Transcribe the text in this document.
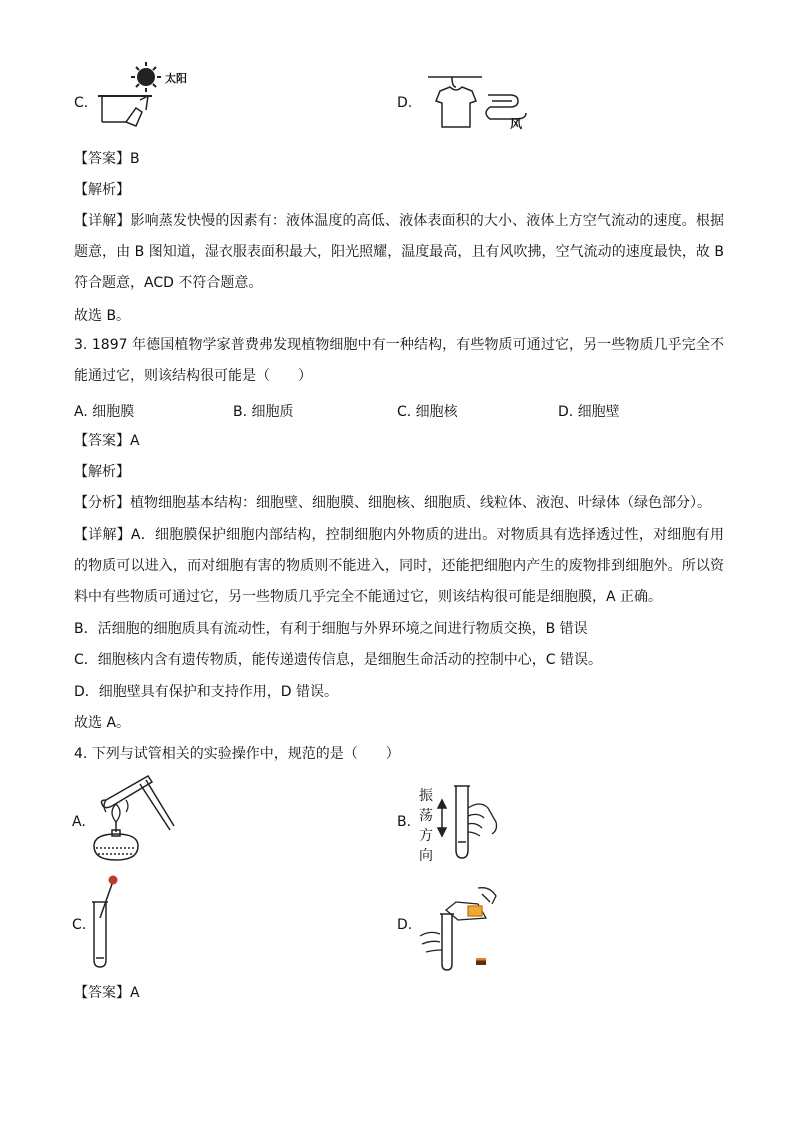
C.
太阳
D.
风
【答案】B
【解析】
【详解】影响蒸发快慢的因素有：液体温度的高低、液体表面积的大小、液体上方空气流动的速度。根据题意，由 B 图知道，湿衣服表面积最大，阳光照耀，温度最高，且有风吹拂，空气流动的速度最快，故 B 符合题意，ACD 不符合题意。
故选 B。
3. 1897 年德国植物学家普费弗发现植物细胞中有一种结构，有些物质可通过它，另一些物质几乎完全不能通过它，则该结构很可能是（　　）
A. 细胞膜	B. 细胞质	C. 细胞核	D. 细胞壁
【答案】A
【解析】
【分析】植物细胞基本结构：细胞壁、细胞膜、细胞核、细胞质、线粒体、液泡、叶绿体（绿色部分）。
【详解】A．细胞膜保护细胞内部结构，控制细胞内外物质的进出。对物质具有选择透过性，对细胞有用的物质可以进入，而对细胞有害的物质则不能进入，同时，还能把细胞内产生的废物排到细胞外。所以资料中有些物质可通过它，另一些物质几乎完全不能通过它，则该结构很可能是细胞膜，A 正确。
B．活细胞的细胞质具有流动性，有利于细胞与外界环境之间进行物质交换，B 错误
C．细胞核内含有遗传物质，能传递遗传信息，是细胞生命活动的控制中心，C 错误。
D．细胞壁具有保护和支持作用，D 错误。
故选 A。
4. 下列与试管相关的实验操作中，规范的是（　　）
A.	B.
振
荡
方
向
C.	D.
【答案】A
